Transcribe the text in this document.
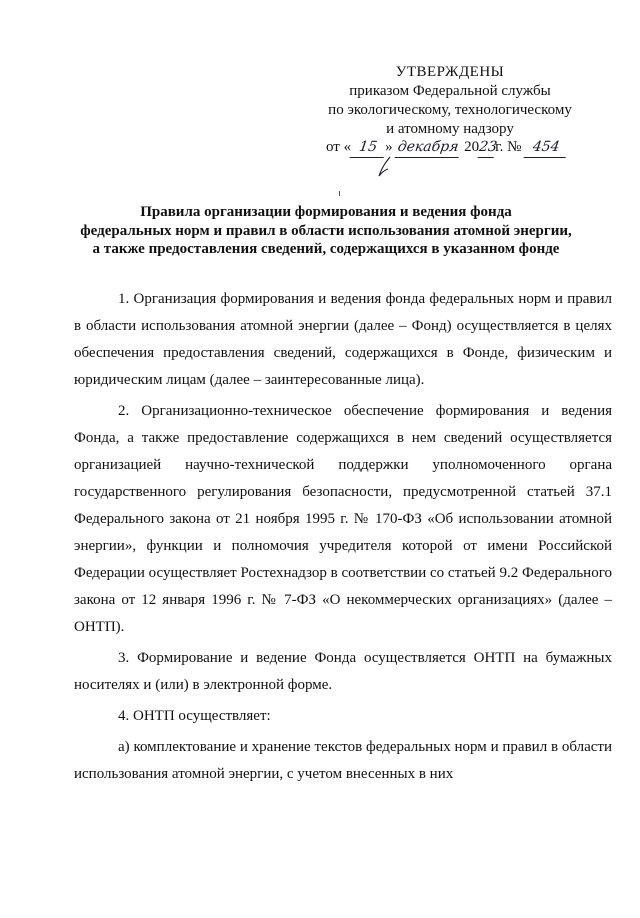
УТВЕРЖДЕНЫ
приказом Федеральной службы
по экологическому, технологическому
и атомному надзору
от « 15 » декабря 2023г. № 454
Правила организации формирования и ведения фонда
федеральных норм и правил в области использования атомной энергии,
а также предоставления сведений, содержащихся в указанном фонде

1. Организация формирования и ведения фонда федеральных норм и правил в области использования атомной энергии (далее – Фонд) осуществляется в целях обеспечения предоставления сведений, содержащихся в Фонде, физическим и юридическим лицам (далее – заинтересованные лица).

2. Организационно-техническое обеспечение формирования и ведения Фонда, а также предоставление содержащихся в нем сведений осуществляется организацией научно-технической поддержки уполномоченного органа государственного регулирования безопасности, предусмотренной статьей 37.1 Федерального закона от 21 ноября 1995 г. № 170-ФЗ «Об использовании атомной энергии», функции и полномочия учредителя которой от имени Российской Федерации осуществляет Ростехнадзор в соответствии со статьей 9.2 Федерального закона от 12 января 1996 г. № 7-ФЗ «О некоммерческих организациях» (далее – ОНТП).

3. Формирование и ведение Фонда осуществляется ОНТП на бумажных носителях и (или) в электронной форме.

4. ОНТП осуществляет:

а) комплектование и хранение текстов федеральных норм и правил в области использования атомной энергии, с учетом внесенных в них
